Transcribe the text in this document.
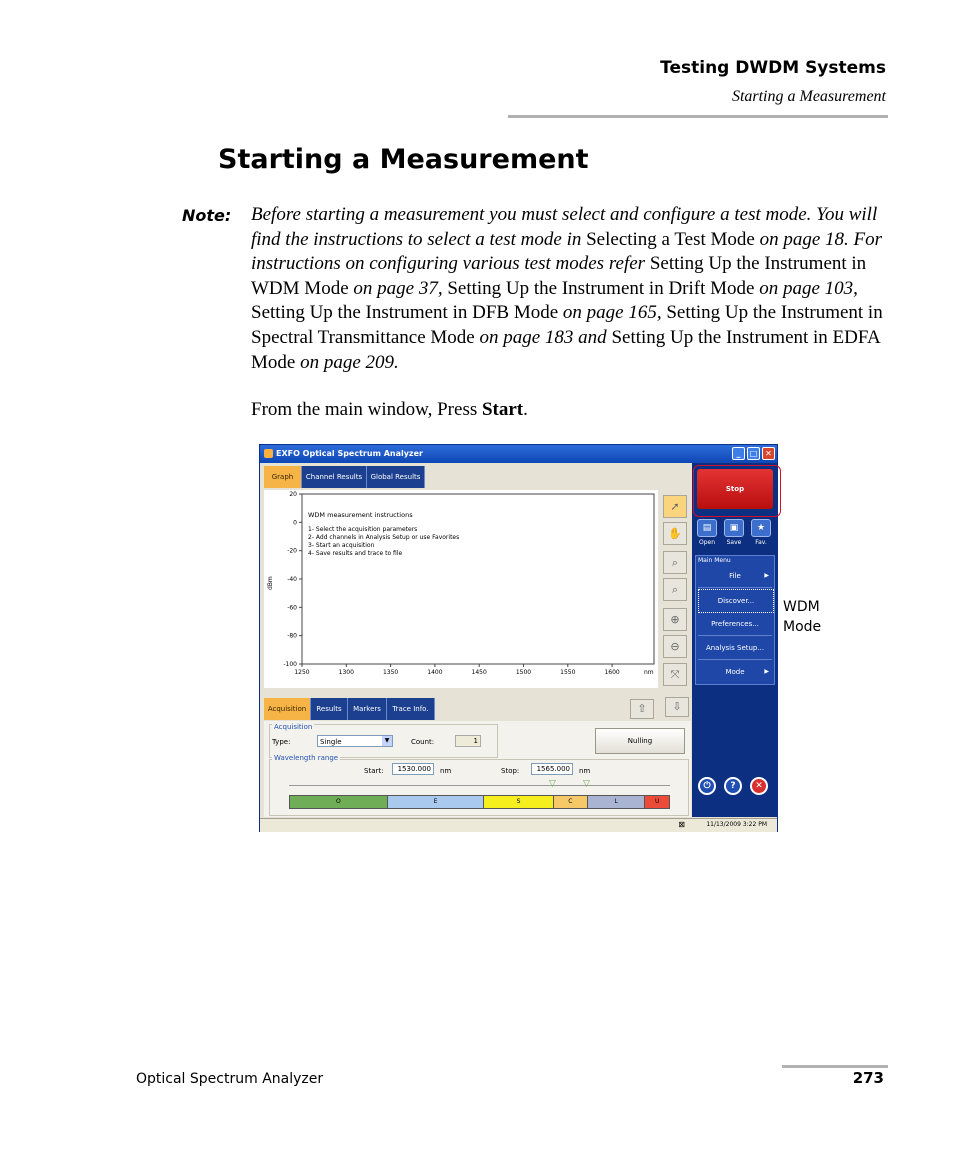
Testing DWDM Systems
Starting a Measurement
Starting a Measurement
Note: Before starting a measurement you must select and configure a test mode. You will find the instructions to select a test mode in Selecting a Test Mode on page 18. For instructions on configuring various test modes refer Setting Up the Instrument in WDM Mode on page 37, Setting Up the Instrument in Drift Mode on page 103, Setting Up the Instrument in DFB Mode on page 165, Setting Up the Instrument in Spectral Transmittance Mode on page 183 and Setting Up the Instrument in EDFA Mode on page 209.
From the main window, Press Start.
EXFO Optical Spectrum Analyzer	_	□ ✕
Graph	Channel Results	Global Results
20
0
-20
-40
-60
-80
-100
1250	1300	1350	1400	1450	1500	1550	1600
dBm
nm
WDM measurement instructions
1- Select the acquisition parameters
2- Add channels in Analysis Setup or use Favorites
3- Start an acquisition
4- Save results and trace to file
➚
✋
⌕
⌕
⊕
⊖
⤧
Acquisition	Results	Markers	Trace Info.	⇧	⇩
Acquisition
Type:	Single	▼	Count:	1	Nulling
Wavelength range
Start:	1530.000	nm	Stop:	1565.000	nm
▽	▽
O	E	S	C	L	U
Stop
▤	▣	★
Open	Save	Fav.
Main Menu
File	▶
Discover...
Preferences...
Analysis Setup...
Mode	▶
⏻	?	✕
⊠	11/13/2009 3:22 PM
WDM Mode
Optical Spectrum Analyzer	273
